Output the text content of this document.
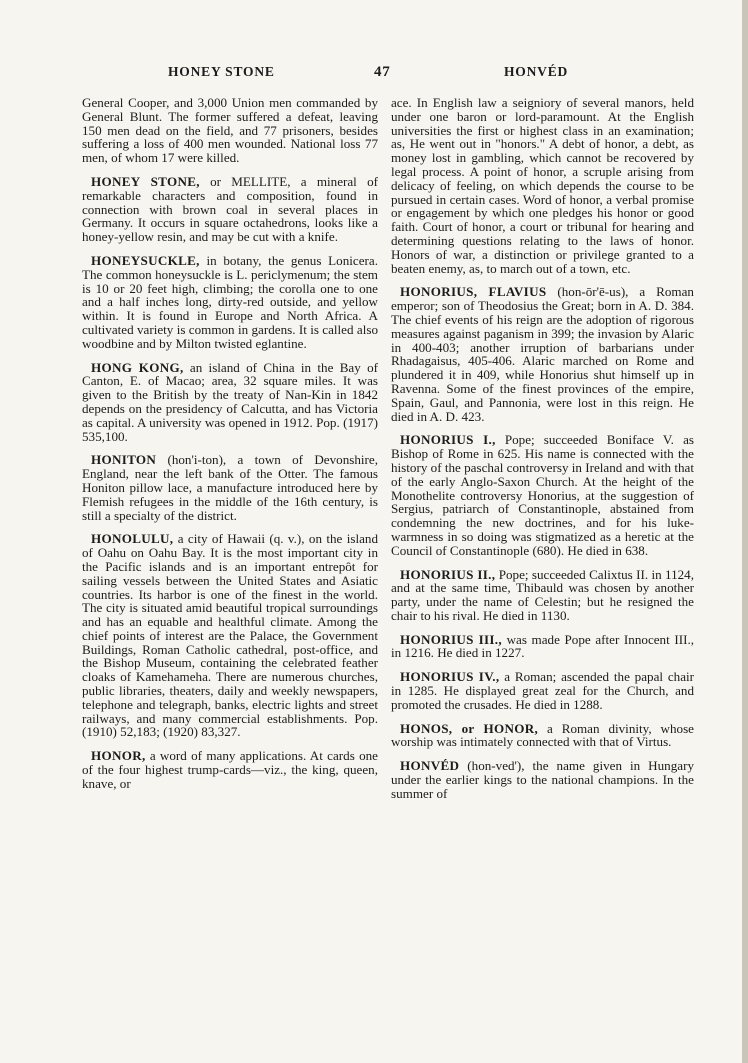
HONEY STONE	47	HONVÉD

General Cooper, and 3,000 Union men commanded by General Blunt. The former suffered a defeat, leaving 150 men dead on the field, and 77 prisoners, besides suffering a loss of 400 men wounded. National loss 77 men, of whom 17 were killed.

HONEY STONE, or MELLITE, a mineral of remarkable characters and composition, found in connection with brown coal in several places in Germany. It occurs in square octahedrons, looks like a honey-yellow resin, and may be cut with a knife.

HONEYSUCKLE, in botany, the genus Lonicera. The common honeysuckle is L. periclymenum; the stem is 10 or 20 feet high, climbing; the corolla one to one and a half inches long, dirty-red outside, and yellow within. It is found in Europe and North Africa. A cultivated variety is common in gardens. It is called also woodbine and by Milton twisted eglantine.

HONG KONG, an island of China in the Bay of Canton, E. of Macao; area, 32 square miles. It was given to the British by the treaty of Nan-Kin in 1842 depends on the presidency of Calcutta, and has Victoria as capital. A university was opened in 1912. Pop. (1917) 535,100.

HONITON (hon'i-ton), a town of Devonshire, England, near the left bank of the Otter. The famous Honiton pillow lace, a manufacture introduced here by Flemish refugees in the middle of the 16th century, is still a specialty of the district.

HONOLULU, a city of Hawaii (q. v.), on the island of Oahu on Oahu Bay. It is the most important city in the Pacific islands and is an important entrepôt for sailing vessels between the United States and Asiatic countries. Its harbor is one of the finest in the world. The city is situated amid beautiful tropical surroundings and has an equable and healthful climate. Among the chief points of interest are the Palace, the Government Buildings, Roman Catholic cathedral, post-office, and the Bishop Museum, containing the celebrated feather cloaks of Kamehameha. There are numerous churches, public libraries, theaters, daily and weekly newspapers, telephone and telegraph, banks, electric lights and street railways, and many commercial establishments. Pop. (1910) 52,183; (1920) 83,327.

HONOR, a word of many applications. At cards one of the four highest trump-cards—viz., the king, queen, knave, or

ace. In English law a seigniory of several manors, held under one baron or lord-paramount. At the English universities the first or highest class in an examination; as, He went out in "honors." A debt of honor, a debt, as money lost in gambling, which cannot be recovered by legal process. A point of honor, a scruple arising from delicacy of feeling, on which depends the course to be pursued in certain cases. Word of honor, a verbal promise or engagement by which one pledges his honor or good faith. Court of honor, a court or tribunal for hearing and determining questions relating to the laws of honor. Honors of war, a distinction or privilege granted to a beaten enemy, as, to march out of a town, etc.

HONORIUS, FLAVIUS (hon-ōr'ē-us), a Roman emperor; son of Theodosius the Great; born in A. D. 384. The chief events of his reign are the adoption of rigorous measures against paganism in 399; the invasion by Alaric in 400-403; another irruption of barbarians under Rhadagaisus, 405-406. Alaric marched on Rome and plundered it in 409, while Honorius shut himself up in Ravenna. Some of the finest provinces of the empire, Spain, Gaul, and Pannonia, were lost in this reign. He died in A. D. 423.

HONORIUS I., Pope; succeeded Boniface V. as Bishop of Rome in 625. His name is connected with the history of the paschal controversy in Ireland and with that of the early Anglo-Saxon Church. At the height of the Monothelite controversy Honorius, at the suggestion of Sergius, patriarch of Constantinople, abstained from condemning the new doctrines, and for his luke-warmness in so doing was stigmatized as a heretic at the Council of Constantinople (680). He died in 638.

HONORIUS II., Pope; succeeded Calixtus II. in 1124, and at the same time, Thibauld was chosen by another party, under the name of Celestin; but he resigned the chair to his rival. He died in 1130.

HONORIUS III., was made Pope after Innocent III., in 1216. He died in 1227.

HONORIUS IV., a Roman; ascended the papal chair in 1285. He displayed great zeal for the Church, and promoted the crusades. He died in 1288.

HONOS, or HONOR, a Roman divinity, whose worship was intimately connected with that of Virtus.

HONVÉD (hon-ved'), the name given in Hungary under the earlier kings to the national champions. In the summer of
